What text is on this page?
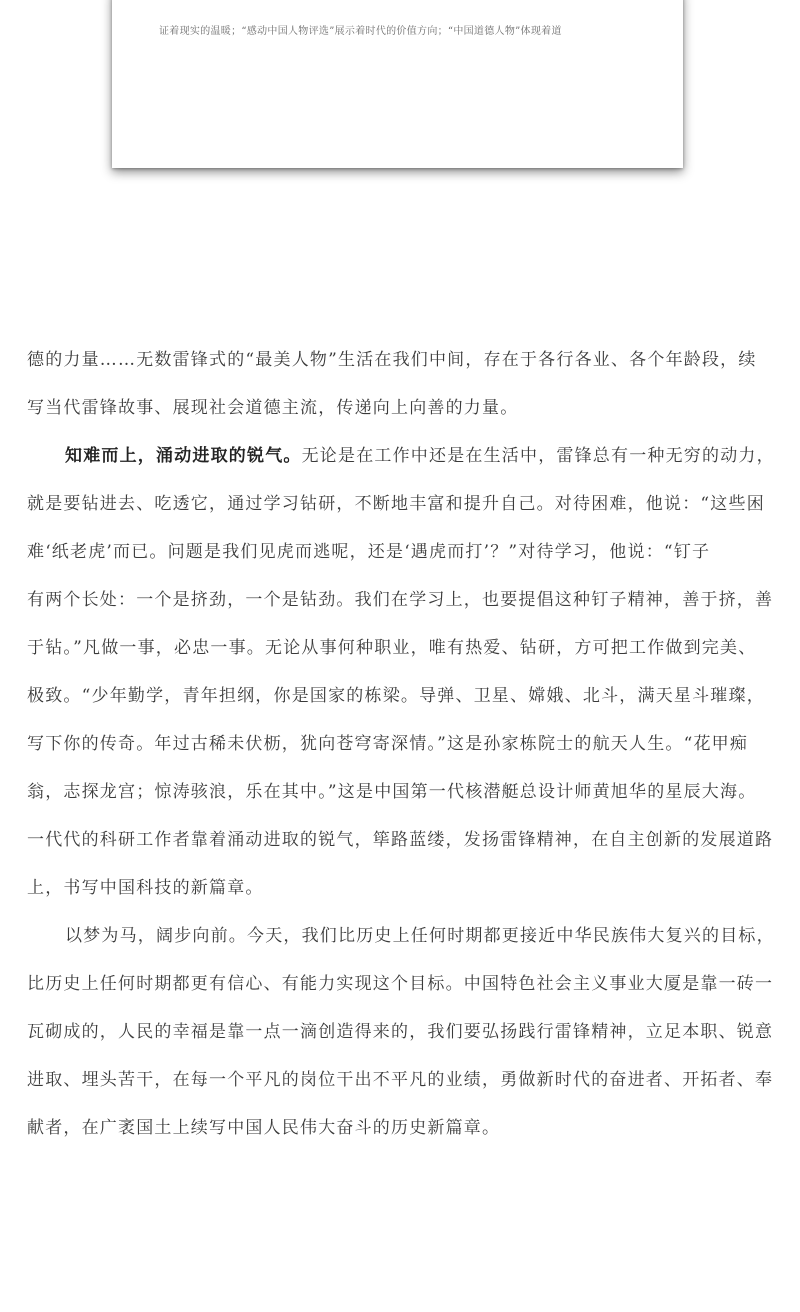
证着现实的温暖；“感动中国人物评选”展示着时代的价值方向；“中国道德人物”体现着道
德的力量……无数雷锋式的“最美人物”生活在我们中间，存在于各行各业、各个年龄段，续
写当代雷锋故事、展现社会道德主流，传递向上向善的力量。
知难而上，涌动进取的锐气。无论是在工作中还是在生活中，雷锋总有一种无穷的动力，
就是要钻进去、吃透它，通过学习钻研，不断地丰富和提升自己。对待困难，他说：“这些困
难‘纸老虎’而已。问题是我们见虎而逃呢，还是‘遇虎而打’？”对待学习，他说：“钉子
有两个长处：一个是挤劲，一个是钻劲。我们在学习上，也要提倡这种钉子精神，善于挤，善
于钻。”凡做一事，必忠一事。无论从事何种职业，唯有热爱、钻研，方可把工作做到完美、
极致。“少年勤学，青年担纲，你是国家的栋梁。导弹、卫星、嫦娥、北斗，满天星斗璀璨，
写下你的传奇。年过古稀未伏枥，犹向苍穹寄深情。”这是孙家栋院士的航天人生。“花甲痴
翁，志探龙宫；惊涛骇浪，乐在其中。”这是中国第一代核潜艇总设计师黄旭华的星辰大海。
一代代的科研工作者靠着涌动进取的锐气，筚路蓝缕，发扬雷锋精神，在自主创新的发展道路
上，书写中国科技的新篇章。
以梦为马，阔步向前。今天，我们比历史上任何时期都更接近中华民族伟大复兴的目标，
比历史上任何时期都更有信心、有能力实现这个目标。中国特色社会主义事业大厦是靠一砖一
瓦砌成的，人民的幸福是靠一点一滴创造得来的，我们要弘扬践行雷锋精神，立足本职、锐意
进取、埋头苦干，在每一个平凡的岗位干出不平凡的业绩，勇做新时代的奋进者、开拓者、奉
献者，在广袤国土上续写中国人民伟大奋斗的历史新篇章。
